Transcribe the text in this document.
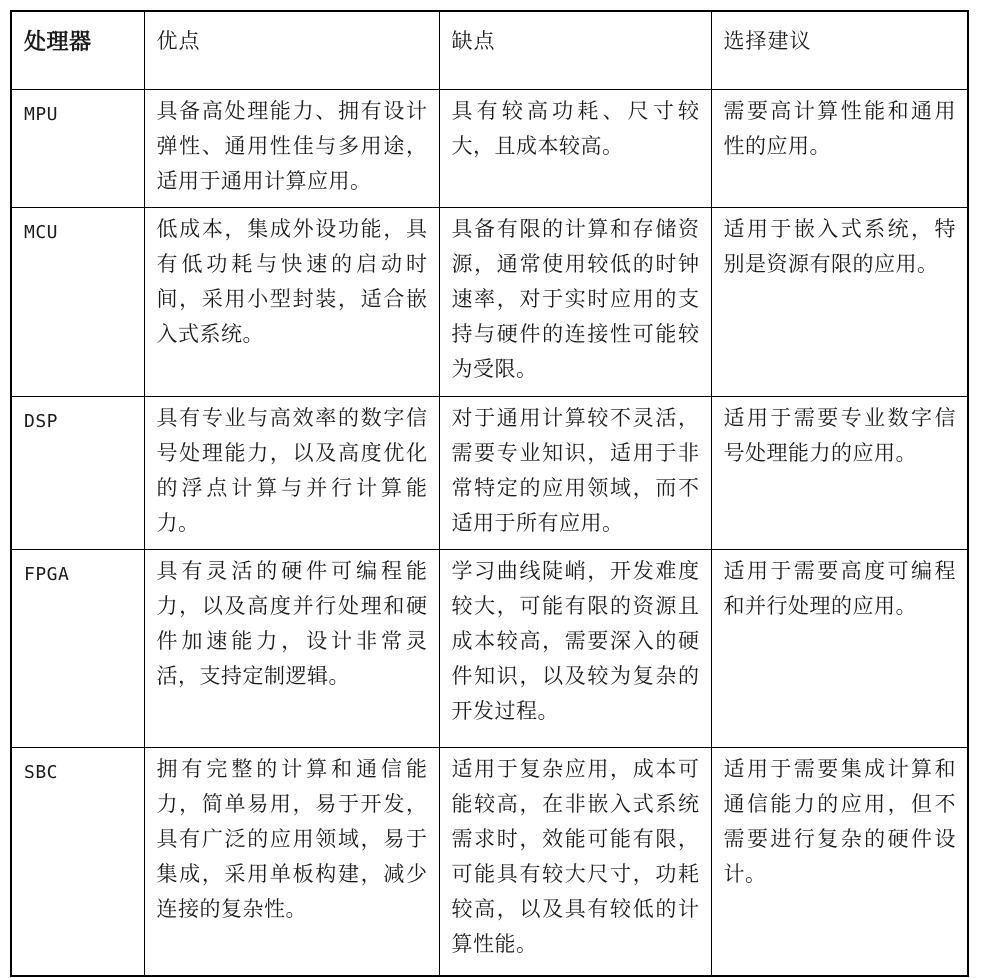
处理器	优点	缺点	选择建议
MPU	具备高处理能力、拥有设计弹性、通用性佳与多用途，适用于通用计算应用。	具有较高功耗、尺寸较大，且成本较高。	需要高计算性能和通用性的应用。
MCU	低成本，集成外设功能，具有低功耗与快速的启动时间，采用小型封装，适合嵌入式系统。	具备有限的计算和存储资源，通常使用较低的时钟速率，对于实时应用的支持与硬件的连接性可能较为受限。	适用于嵌入式系统，特别是资源有限的应用。
DSP	具有专业与高效率的数字信号处理能力，以及高度优化的浮点计算与并行计算能力。	对于通用计算较不灵活，需要专业知识，适用于非常特定的应用领域，而不适用于所有应用。	适用于需要专业数字信号处理能力的应用。
FPGA	具有灵活的硬件可编程能力，以及高度并行处理和硬件加速能力，设计非常灵活，支持定制逻辑。	学习曲线陡峭，开发难度较大，可能有限的资源且成本较高，需要深入的硬件知识，以及较为复杂的开发过程。	适用于需要高度可编程和并行处理的应用。
SBC	拥有完整的计算和通信能力，简单易用，易于开发，具有广泛的应用领域，易于集成，采用单板构建，减少连接的复杂性。	适用于复杂应用，成本可能较高，在非嵌入式系统需求时，效能可能有限，可能具有较大尺寸，功耗较高，以及具有较低的计算性能。	适用于需要集成计算和通信能力的应用，但不需要进行复杂的硬件设计。
